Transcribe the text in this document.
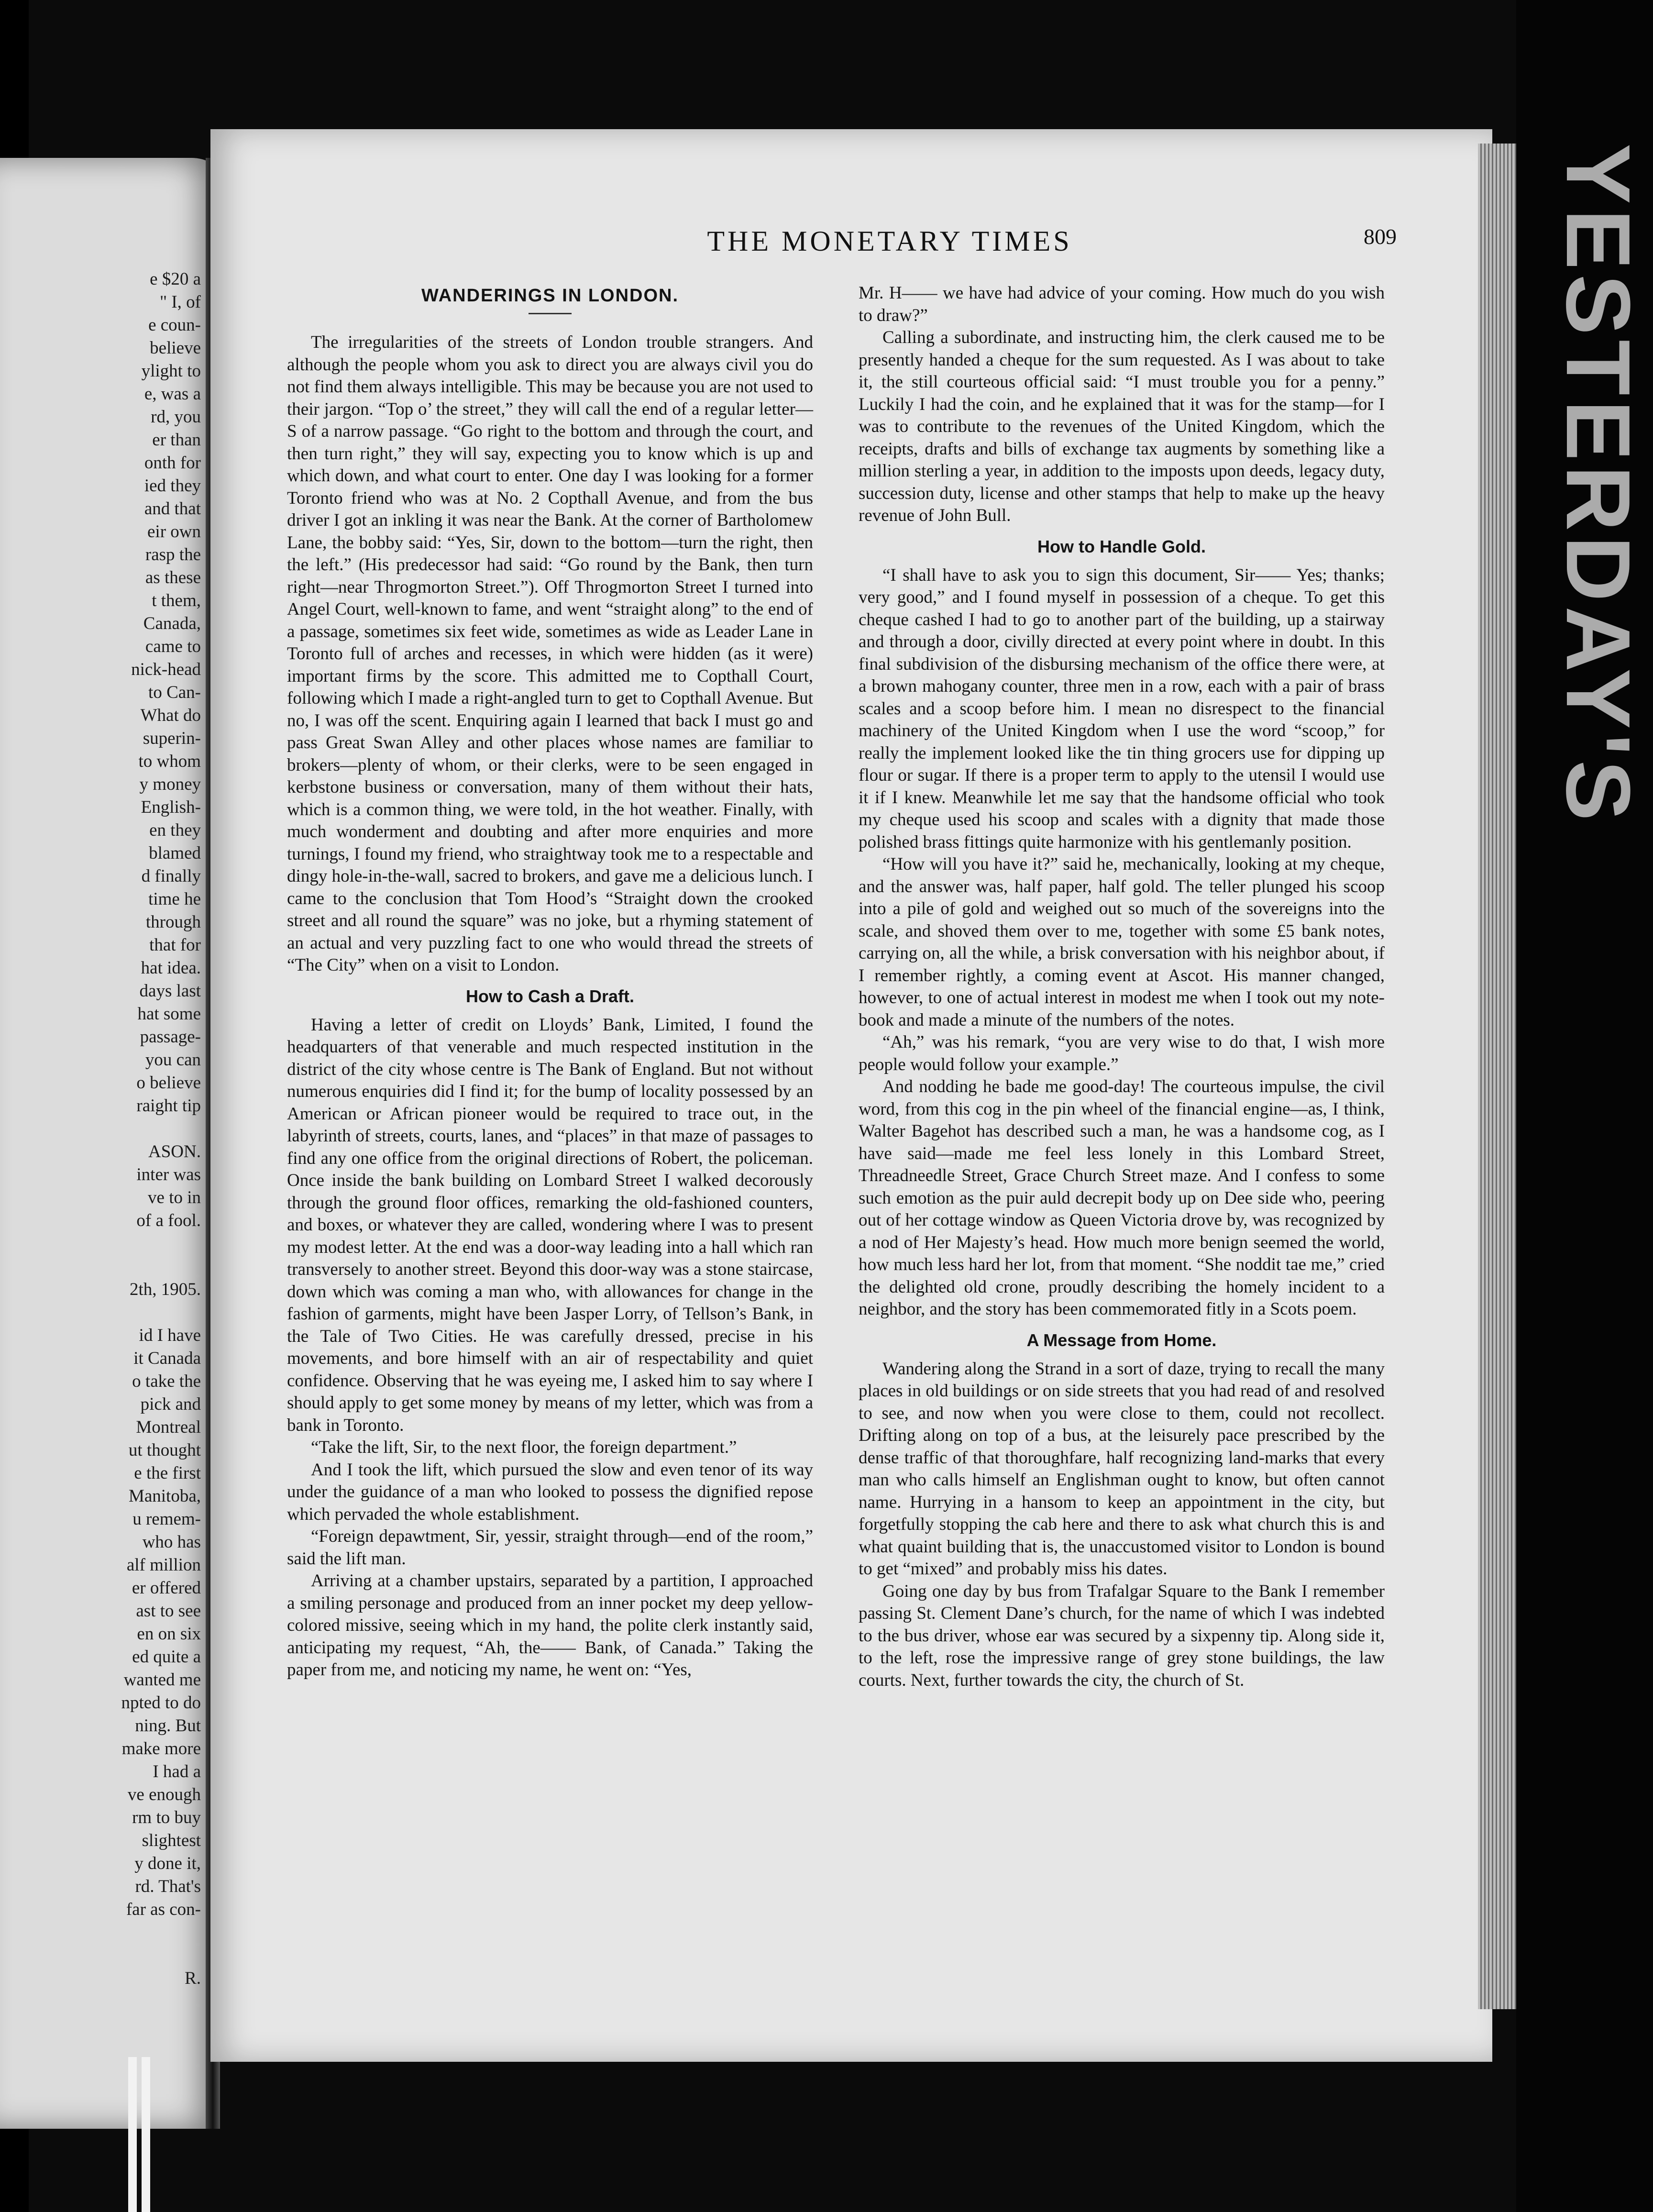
e $20 a
" I, of
e coun-
believe
ylight to
e, was a
rd, you
er than
onth for
ied they
and that
eir own
rasp the
as these
t them,
Canada,
came to
nick-head
to Can-
What do
superin-
to whom
y money
English-
en they
blamed
d finally
time he
through
that for
hat idea.
days last
hat some
passage-
you can
o believe
raight tip
ASON.
inter was
ve to in
of a fool.
2th, 1905.
id I have
it Canada
o take the
pick and
Montreal
ut thought
e the first
Manitoba,
u remem-
who has
alf million
er offered
ast to see
en on six
ed quite a
wanted me
npted to do
ning. But
make more
I had a
ve enough
rm to buy
slightest
y done it,
rd. That's
far as con-
R.
YESTERDAY'S
THE MONETARY TIMES	809
WANDERINGS IN LONDON.

The irregularities of the streets of London trouble strangers. And although the people whom you ask to direct you are always civil you do not find them always intelligible. This may be because you are not used to their jargon. “Top o’ the street,” they will call the end of a regular letter—S of a narrow passage. “Go right to the bottom and through the court, and then turn right,” they will say, expecting you to know which is up and which down, and what court to enter. One day I was looking for a former Toronto friend who was at No. 2 Copthall Avenue, and from the bus driver I got an inkling it was near the Bank. At the corner of Bartholomew Lane, the bobby said: “Yes, Sir, down to the bottom—turn the right, then the left.” (His predecessor had said: “Go round by the Bank, then turn right—near Throgmorton Street.”). Off Throgmorton Street I turned into Angel Court, well-known to fame, and went “straight along” to the end of a passage, sometimes six feet wide, sometimes as wide as Leader Lane in Toronto full of arches and recesses, in which were hidden (as it were) important firms by the score. This admitted me to Copthall Court, following which I made a right-angled turn to get to Copthall Avenue. But no, I was off the scent. Enquiring again I learned that back I must go and pass Great Swan Alley and other places whose names are familiar to brokers—plenty of whom, or their clerks, were to be seen engaged in kerbstone business or conversation, many of them without their hats, which is a common thing, we were told, in the hot weather. Finally, with much wonderment and doubting and after more enquiries and more turnings, I found my friend, who straightway took me to a respectable and dingy hole-in-the-wall, sacred to brokers, and gave me a delicious lunch. I came to the conclusion that Tom Hood’s “Straight down the crooked street and all round the square” was no joke, but a rhyming statement of an actual and very puzzling fact to one who would thread the streets of “The City” when on a visit to London.

How to Cash a Draft.

Having a letter of credit on Lloyds’ Bank, Limited, I found the headquarters of that venerable and much respected institution in the district of the city whose centre is The Bank of England. But not without numerous enquiries did I find it; for the bump of locality possessed by an American or African pioneer would be required to trace out, in the labyrinth of streets, courts, lanes, and “places” in that maze of passages to find any one office from the original directions of Robert, the policeman. Once inside the bank building on Lombard Street I walked decorously through the ground floor offices, remarking the old-fashioned counters, and boxes, or whatever they are called, wondering where I was to present my modest letter. At the end was a door-way leading into a hall which ran transversely to another street. Beyond this door-way was a stone staircase, down which was coming a man who, with allowances for change in the fashion of garments, might have been Jasper Lorry, of Tellson’s Bank, in the Tale of Two Cities. He was carefully dressed, precise in his movements, and bore himself with an air of respectability and quiet confidence. Observing that he was eyeing me, I asked him to say where I should apply to get some money by means of my letter, which was from a bank in Toronto.

“Take the lift, Sir, to the next floor, the foreign department.”

And I took the lift, which pursued the slow and even tenor of its way under the guidance of a man who looked to possess the dignified repose which pervaded the whole establishment.

“Foreign depawtment, Sir, yessir, straight through—end of the room,” said the lift man.

Arriving at a chamber upstairs, separated by a partition, I approached a smiling personage and produced from an inner pocket my deep yellow-colored missive, seeing which in my hand, the polite clerk instantly said, anticipating my request, “Ah, the—— Bank, of Canada.” Taking the paper from me, and noticing my name, he went on: “Yes,

Mr. H—— we have had advice of your coming. How much do you wish to draw?”

Calling a subordinate, and instructing him, the clerk caused me to be presently handed a cheque for the sum requested. As I was about to take it, the still courteous official said: “I must trouble you for a penny.” Luckily I had the coin, and he explained that it was for the stamp—for I was to contribute to the revenues of the United Kingdom, which the receipts, drafts and bills of exchange tax augments by something like a million sterling a year, in addition to the imposts upon deeds, legacy duty, succession duty, license and other stamps that help to make up the heavy revenue of John Bull.

How to Handle Gold.

“I shall have to ask you to sign this document, Sir—— Yes; thanks; very good,” and I found myself in possession of a cheque. To get this cheque cashed I had to go to another part of the building, up a stairway and through a door, civilly directed at every point where in doubt. In this final subdivision of the disbursing mechanism of the office there were, at a brown mahogany counter, three men in a row, each with a pair of brass scales and a scoop before him. I mean no disrespect to the financial machinery of the United Kingdom when I use the word “scoop,” for really the implement looked like the tin thing grocers use for dipping up flour or sugar. If there is a proper term to apply to the utensil I would use it if I knew. Meanwhile let me say that the handsome official who took my cheque used his scoop and scales with a dignity that made those polished brass fittings quite harmonize with his gentlemanly position.

“How will you have it?” said he, mechanically, looking at my cheque, and the answer was, half paper, half gold. The teller plunged his scoop into a pile of gold and weighed out so much of the sovereigns into the scale, and shoved them over to me, together with some £5 bank notes, carrying on, all the while, a brisk conversation with his neighbor about, if I remember rightly, a coming event at Ascot. His manner changed, however, to one of actual interest in modest me when I took out my note-book and made a minute of the numbers of the notes.

“Ah,” was his remark, “you are very wise to do that, I wish more people would follow your example.”

And nodding he bade me good-day! The courteous impulse, the civil word, from this cog in the pin wheel of the financial engine—as, I think, Walter Bagehot has described such a man, he was a handsome cog, as I have said—made me feel less lonely in this Lombard Street, Threadneedle Street, Grace Church Street maze. And I confess to some such emotion as the puir auld decrepit body up on Dee side who, peering out of her cottage window as Queen Victoria drove by, was recognized by a nod of Her Majesty’s head. How much more benign seemed the world, how much less hard her lot, from that moment. “She noddit tae me,” cried the delighted old crone, proudly describing the homely incident to a neighbor, and the story has been commemorated fitly in a Scots poem.

A Message from Home.

Wandering along the Strand in a sort of daze, trying to recall the many places in old buildings or on side streets that you had read of and resolved to see, and now when you were close to them, could not recollect. Drifting along on top of a bus, at the leisurely pace prescribed by the dense traffic of that thoroughfare, half recognizing land-marks that every man who calls himself an Englishman ought to know, but often cannot name. Hurrying in a hansom to keep an appointment in the city, but forgetfully stopping the cab here and there to ask what church this is and what quaint building that is, the unaccustomed visitor to London is bound to get “mixed” and probably miss his dates.

Going one day by bus from Trafalgar Square to the Bank I remember passing St. Clement Dane’s church, for the name of which I was indebted to the bus driver, whose ear was secured by a sixpenny tip. Along side it, to the left, rose the impressive range of grey stone buildings, the law courts. Next, further towards the city, the church of St.
